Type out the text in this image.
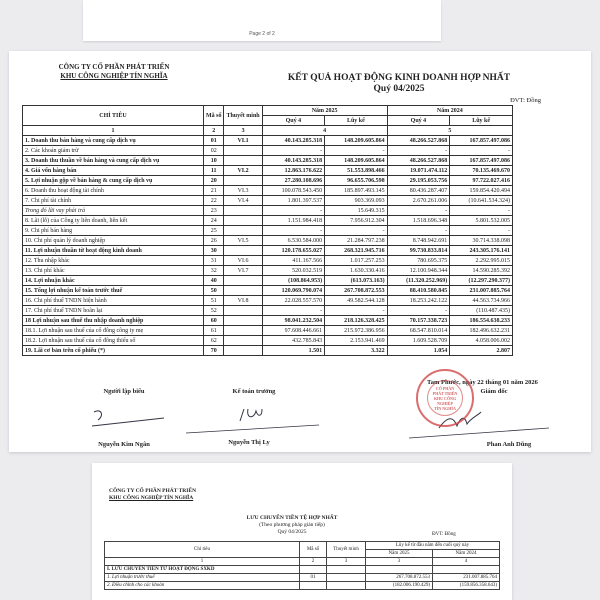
Page 2 of 2
CÔNG TY CỔ PHẦN PHÁT TRIỂN
KHU CÔNG NGHIỆP TÍN NGHĨA	KẾT QUẢ HOẠT ĐỘNG KINH DOANH HỢP NHẤT
Quý 04/2025
ĐVT: Đồng
CHỈ TIÊU	Mã số	Thuyết minh	Năm 2025		Năm 2024	
			Quý 4	Lũy kế	Quý 4	Lũy kế
1	2	3	4		5	
1. Doanh thu bán hàng và cung cấp dịch vụ	01	VI.1	40.143.285.318	148.209.605.864	48.266.527.868	167.857.497.086
2. Các khoản giảm trừ	02		-	-	-	-
3. Doanh thu thuần về bán hàng và cung cấp dịch vụ	10		40.143.285.318	148.209.605.864	48.266.527.868	167.857.497.086
4. Giá vốn hàng bán	11	VI.2	12.863.176.622	51.553.898.466	19.071.474.112	70.135.469.670
5. Lợi nhuận gộp về bán hàng & cung cấp dịch vụ	20		27.280.108.696	96.655.706.598	29.195.053.756	97.722.027.416
6. Doanh thu hoạt động tài chính	21	VI.3	100.078.543.450	185.897.493.145	80.436.287.407	159.854.420.494
7. Chi phí tài chính	22	VI.4	1.801.397.537	903.369.093	2.670.261.006	(10.641.534.324)
Trong đó lãi vay phải trả	23		-	15.649.315	-	-
8. Lãi (lỗ) của Công ty liên doanh, liên kết	24		1.151.984.418	7.956.912.304	1.518.696.348	5.801.532.005
9. Chi phí bán hàng	25		-	-	-	-
10. Chi phí quản lý doanh nghiệp	26	VI.5	6.530.584.000	21.284.797.238	8.748.942.691	30.714.338.098
11. Lợi nhuận thuần từ hoạt động kinh doanh	30		120.178.655.027	268.321.945.716	99.730.833.814	243.305.176.141
12. Thu nhập khác	31	VI.6	411.167.566	1.017.257.253	780.695.375	2.292.995.015
13. Chi phí khác	32	VI.7	520.032.519	1.630.330.416	12.100.948.344	14.590.285.392
14. Lợi nhuận khác	40		(108.864.953)	(613.073.163)	(11.320.252.969)	(12.297.290.377)
15. Tổng lợi nhuận kế toán trước thuế	50		120.069.790.074	267.708.872.553	88.410.580.845	231.007.885.764
16. Chi phí thuế TNDN hiện hành	51	VI.8	22.028.557.570	49.582.544.128	18.253.242.122	44.563.734.966
17. Chi phí thuế TNDN hoãn lại	52		-	-	-	(110.487.435)
18 Lợi nhuận sau thuế thu nhập doanh nghiệp	60		98.041.232.504	218.126.328.425	70.157.338.723	186.554.638.233
18.1. Lợi nhuận sau thuế của cổ đông công ty mẹ	61		97.608.446.661	215.972.386.956	68.547.810.014	182.496.632.231
18.2. Lợi nhuận sau thuế của cổ đông thiểu số	62		432.785.843	2.153.941.469	1.609.528.709	4.058.006.002
19. Lãi cơ bản trên cổ phiếu (*)	70		1.501	3.322	1.054	2.807
Tam Phước, ngày 22 tháng 01 năm 2026
Người lập biểu	Kế toán trưởng	Giám đốc
CỔ PHẦN
PHÁT TRIỂN
KHU CÔNG NGHIỆP
TÍN NGHĨA
Nguyễn Kim Ngân	Nguyễn Thị Ly	Phan Anh Dũng
CÔNG TY CỔ PHẦN PHÁT TRIỂN
KHU CÔNG NGHIỆP TÍN NGHĨA
LƯU CHUYỂN TIỀN TỆ HỢP NHẤT
(Theo phương pháp gián tiếp)
Quý 04/2025	ĐVT: Đồng
Chỉ tiêu	Mã số	Thuyết minh	Lũy kế từ đầu năm đến cuối quý này	
			Năm 2025	Năm 2024
1	2	3	3	4
I. LƯU CHUYỂN TIỀN TỪ HOẠT ĐỘNG SXKD				
1. Lợi nhuận trước thuế	01		267.708.872.553	231.007.885.764
2. Điều chỉnh cho các khoản			(182.006.190.429)	(159.856.358.643)
